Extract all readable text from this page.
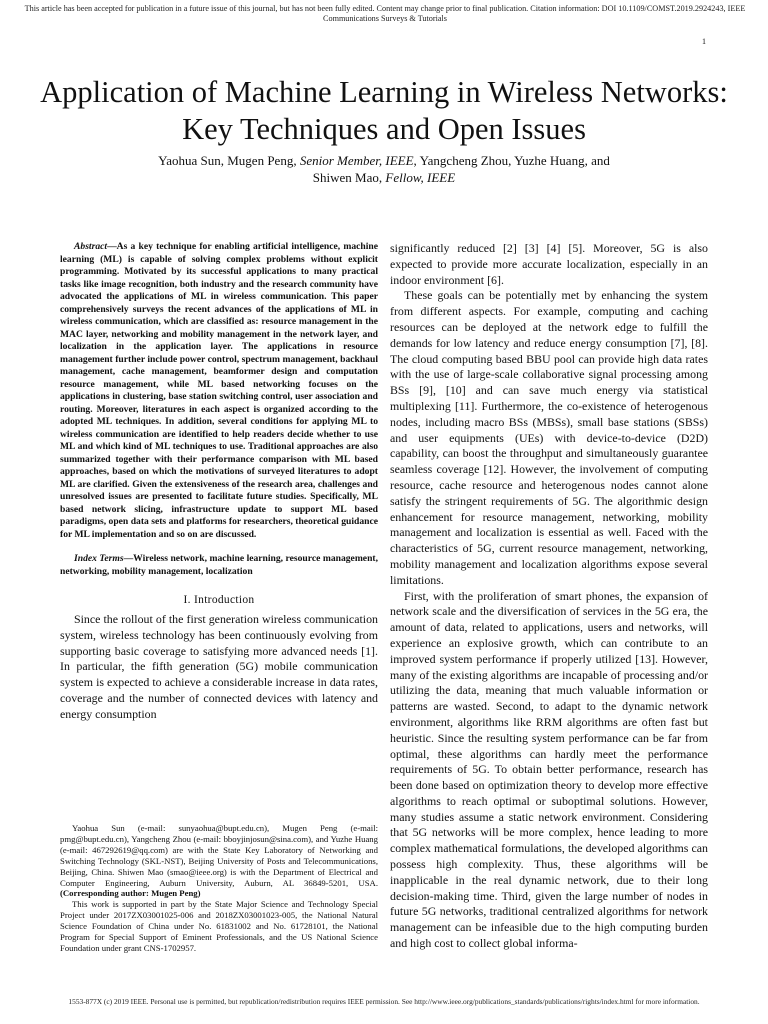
This article has been accepted for publication in a future issue of this journal, but has not been fully edited. Content may change prior to final publication. Citation information: DOI 10.1109/COMST.2019.2924243, IEEE
Communications Surveys & Tutorials
1
Application of Machine Learning in Wireless Networks: Key Techniques and Open Issues
Yaohua Sun, Mugen Peng, Senior Member, IEEE, Yangcheng Zhou, Yuzhe Huang, and
Shiwen Mao, Fellow, IEEE

Abstract—As a key technique for enabling artificial intelligence, machine learning (ML) is capable of solving complex problems without explicit programming. Motivated by its successful applications to many practical tasks like image recognition, both industry and the research community have advocated the applications of ML in wireless communication. This paper comprehensively surveys the recent advances of the applications of ML in wireless communication, which are classified as: resource management in the MAC layer, networking and mobility management in the network layer, and localization in the application layer. The applications in resource management further include power control, spectrum management, backhaul management, cache management, beamformer design and computation resource management, while ML based networking focuses on the applications in clustering, base station switching control, user association and routing. Moreover, literatures in each aspect is organized according to the adopted ML techniques. In addition, several conditions for applying ML to wireless communication are identified to help readers decide whether to use ML and which kind of ML techniques to use. Traditional approaches are also summarized together with their performance comparison with ML based approaches, based on which the motivations of surveyed literatures to adopt ML are clarified. Given the extensiveness of the research area, challenges and unresolved issues are presented to facilitate future studies. Specifically, ML based network slicing, infrastructure update to support ML based paradigms, open data sets and platforms for researchers, theoretical guidance for ML implementation and so on are discussed.

Index Terms—Wireless network, machine learning, resource management, networking, mobility management, localization

I. Introduction

Since the rollout of the first generation wireless communication system, wireless technology has been continuously evolving from supporting basic coverage to satisfying more advanced needs [1]. In particular, the fifth generation (5G) mobile communication system is expected to achieve a considerable increase in data rates, coverage and the number of connected devices with latency and energy consumption

Yaohua Sun (e-mail: sunyaohua@bupt.edu.cn), Mugen Peng (e-mail: pmg@bupt.edu.cn), Yangcheng Zhou (e-mail: bboyjinjosun@sina.com), and Yuzhe Huang (e-mail: 467292619@qq.com) are with the State Key Laboratory of Networking and Switching Technology (SKL-NST), Beijing University of Posts and Telecommunications, Beijing, China. Shiwen Mao (smao@ieee.org) is with the Department of Electrical and Computer Engineering, Auburn University, Auburn, AL 36849-5201, USA. (Corresponding author: Mugen Peng)

This work is supported in part by the State Major Science and Technology Special Project under 2017ZX03001025-006 and 2018ZX03001023-005, the National Natural Science Foundation of China under No. 61831002 and No. 61728101, the National Program for Special Support of Eminent Professionals, and the US National Science Foundation under grant CNS-1702957.

significantly reduced [2] [3] [4] [5]. Moreover, 5G is also expected to provide more accurate localization, especially in an indoor environment [6].

These goals can be potentially met by enhancing the system from different aspects. For example, computing and caching resources can be deployed at the network edge to fulfill the demands for low latency and reduce energy consumption [7], [8]. The cloud computing based BBU pool can provide high data rates with the use of large-scale collaborative signal processing among BSs [9], [10] and can save much energy via statistical multiplexing [11]. Furthermore, the co-existence of heterogenous nodes, including macro BSs (MBSs), small base stations (SBSs) and user equipments (UEs) with device-to-device (D2D) capability, can boost the throughput and simultaneously guarantee seamless coverage [12]. However, the involvement of computing resource, cache resource and heterogenous nodes cannot alone satisfy the stringent requirements of 5G. The algorithmic design enhancement for resource management, networking, mobility management and localization is essential as well. Faced with the characteristics of 5G, current resource management, networking, mobility management and localization algorithms expose several limitations.

First, with the proliferation of smart phones, the expansion of network scale and the diversification of services in the 5G era, the amount of data, related to applications, users and networks, will experience an explosive growth, which can contribute to an improved system performance if properly utilized [13]. However, many of the existing algorithms are incapable of processing and/or utilizing the data, meaning that much valuable information or patterns are wasted. Second, to adapt to the dynamic network environment, algorithms like RRM algorithms are often fast but heuristic. Since the resulting system performance can be far from optimal, these algorithms can hardly meet the performance requirements of 5G. To obtain better performance, research has been done based on optimization theory to develop more effective algorithms to reach optimal or suboptimal solutions. However, many studies assume a static network environment. Considering that 5G networks will be more complex, hence leading to more complex mathematical formulations, the developed algorithms can possess high complexity. Thus, these algorithms will be inapplicable in the real dynamic network, due to their long decision-making time. Third, given the large number of nodes in future 5G networks, traditional centralized algorithms for network management can be infeasible due to the high computing burden and high cost to collect global informa-

1553-877X (c) 2019 IEEE. Personal use is permitted, but republication/redistribution requires IEEE permission. See http://www.ieee.org/publications_standards/publications/rights/index.html for more information.
